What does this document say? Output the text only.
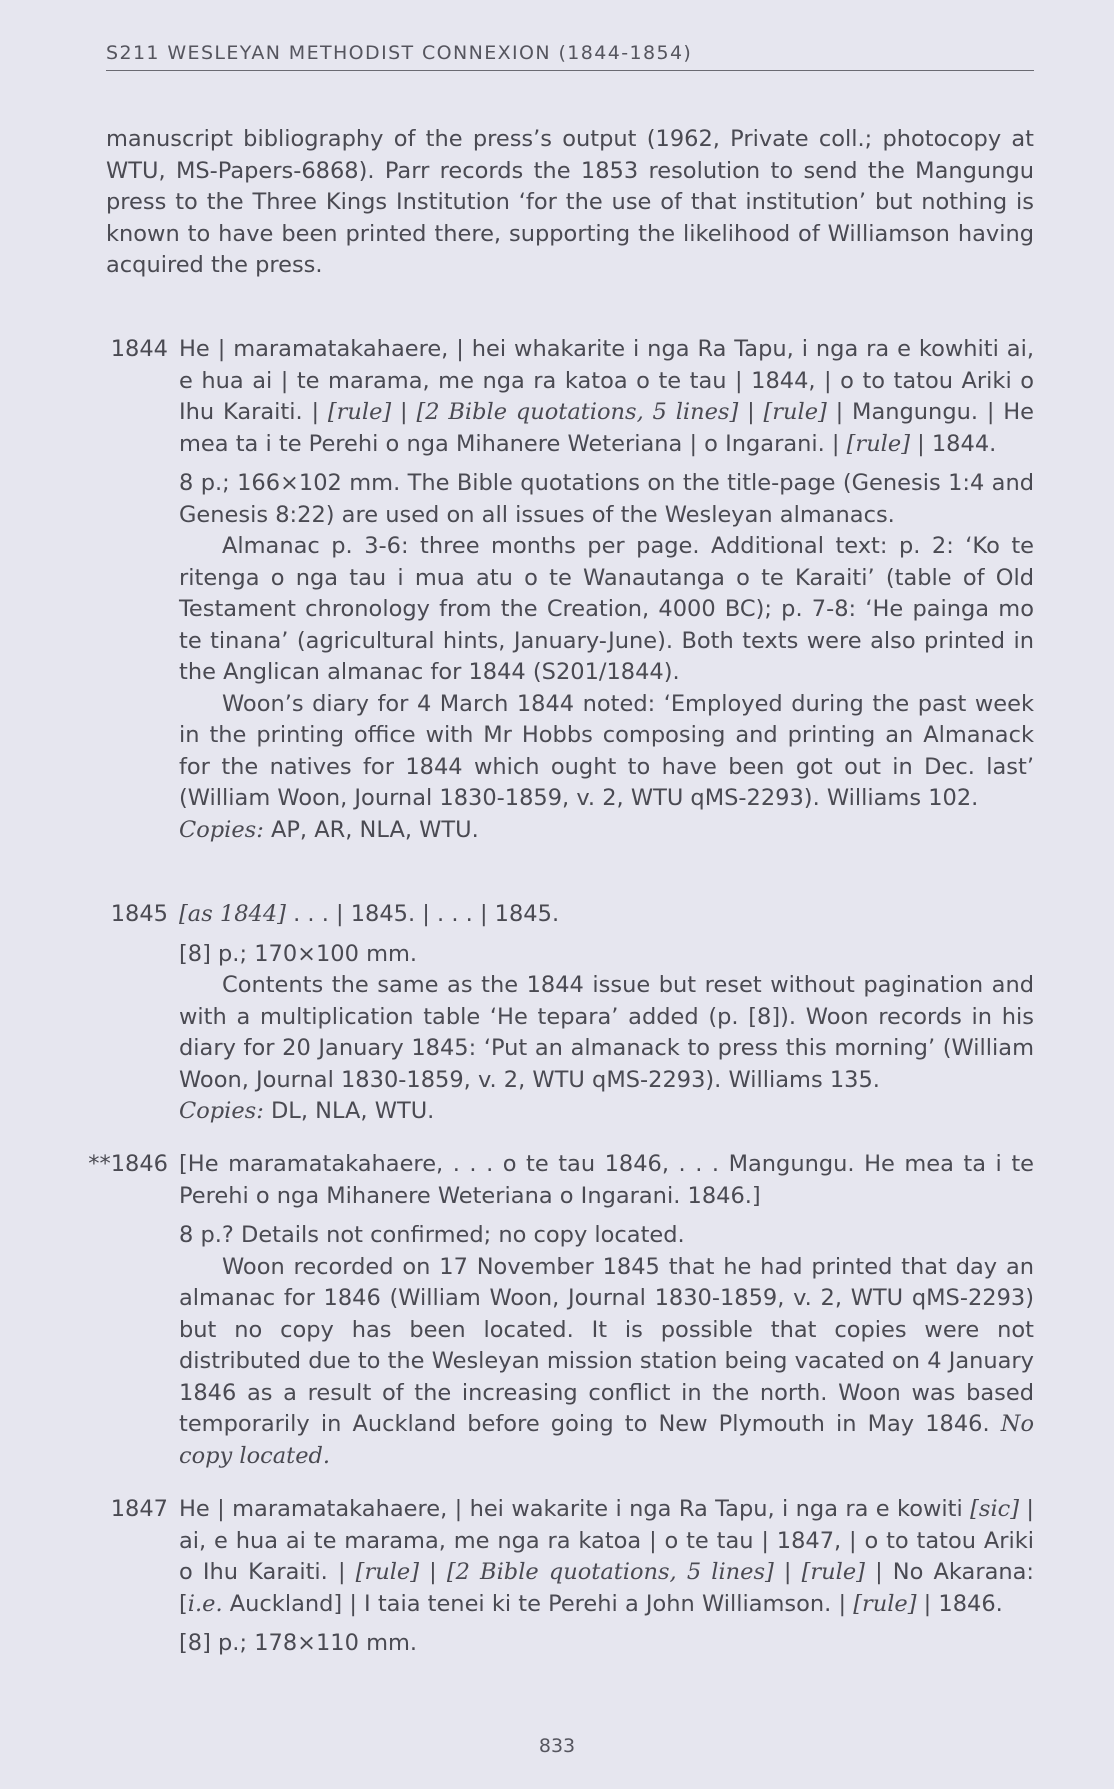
S211 WESLEYAN METHODIST CONNEXION (1844-1854)

manuscript bibliography of the press’s output (1962, Private coll.; photocopy at WTU, MS-Papers-6868). Parr records the 1853 resolution to send the Mangungu press to the Three Kings Institution ‘for the use of that institution’ but nothing is known to have been printed there, supporting the likelihood of Williamson having acquired the press.

1844 He | maramatakahaere, | hei whakarite i nga Ra Tapu, i nga ra e kowhiti ai, e hua ai | te marama, me nga ra katoa o te tau | 1844, | o to tatou Ariki o Ihu Karaiti. | [rule] | [2 Bible quotations, 5 lines] | [rule] | Mangungu. | He mea ta i te Perehi o nga Mihanere Weteriana | o Ingarani. | [rule] | 1844.

8 p.; 166×102 mm. The Bible quotations on the title-page (Genesis 1:4 and Genesis 8:22) are used on all issues of the Wesleyan almanacs.

Almanac p. 3-6: three months per page. Additional text: p. 2: ‘Ko te ritenga o nga tau i mua atu o te Wanautanga o te Karaiti’ (table of Old Testament chronology from the Creation, 4000 BC); p. 7-8: ‘He painga mo te tinana’ (agricultural hints, January-June). Both texts were also printed in the Anglican almanac for 1844 (S201/1844).

Woon’s diary for 4 March 1844 noted: ‘Employed during the past week in the printing office with Mr Hobbs composing and printing an Almanack for the natives for 1844 which ought to have been got out in Dec. last’ (William Woon, Journal 1830-1859, v. 2, WTU qMS-2293). Williams 102.

Copies: AP, AR, NLA, WTU.

1845 [as 1844] . . . | 1845. | . . . | 1845.

[8] p.; 170×100 mm.

Contents the same as the 1844 issue but reset without pagination and with a multiplication table ‘He tepara’ added (p. [8]). Woon records in his diary for 20 January 1845: ‘Put an almanack to press this morning’ (William Woon, Journal 1830-1859, v. 2, WTU qMS-2293). Williams 135.

Copies: DL, NLA, WTU.

**1846 [He maramatakahaere, . . . o te tau 1846, . . . Mangungu. He mea ta i te Perehi o nga Mihanere Weteriana o Ingarani. 1846.]

8 p.? Details not confirmed; no copy located.

Woon recorded on 17 November 1845 that he had printed that day an almanac for 1846 (William Woon, Journal 1830-1859, v. 2, WTU qMS-2293) but no copy has been located. It is possible that copies were not distributed due to the Wesleyan mission station being vacated on 4 January 1846 as a result of the increasing conflict in the north. Woon was based temporarily in Auckland before going to New Plymouth in May 1846. No copy located.

1847 He | maramatakahaere, | hei wakarite i nga Ra Tapu, i nga ra e kowiti [sic] | ai, e hua ai te marama, me nga ra katoa | o te tau | 1847, | o to tatou Ariki o Ihu Karaiti. | [rule] | [2 Bible quotations, 5 lines] | [rule] | No Akarana: [i.e. Auckland] | I taia tenei ki te Perehi a John Williamson. | [rule] | 1846.

[8] p.; 178×110 mm.

833
